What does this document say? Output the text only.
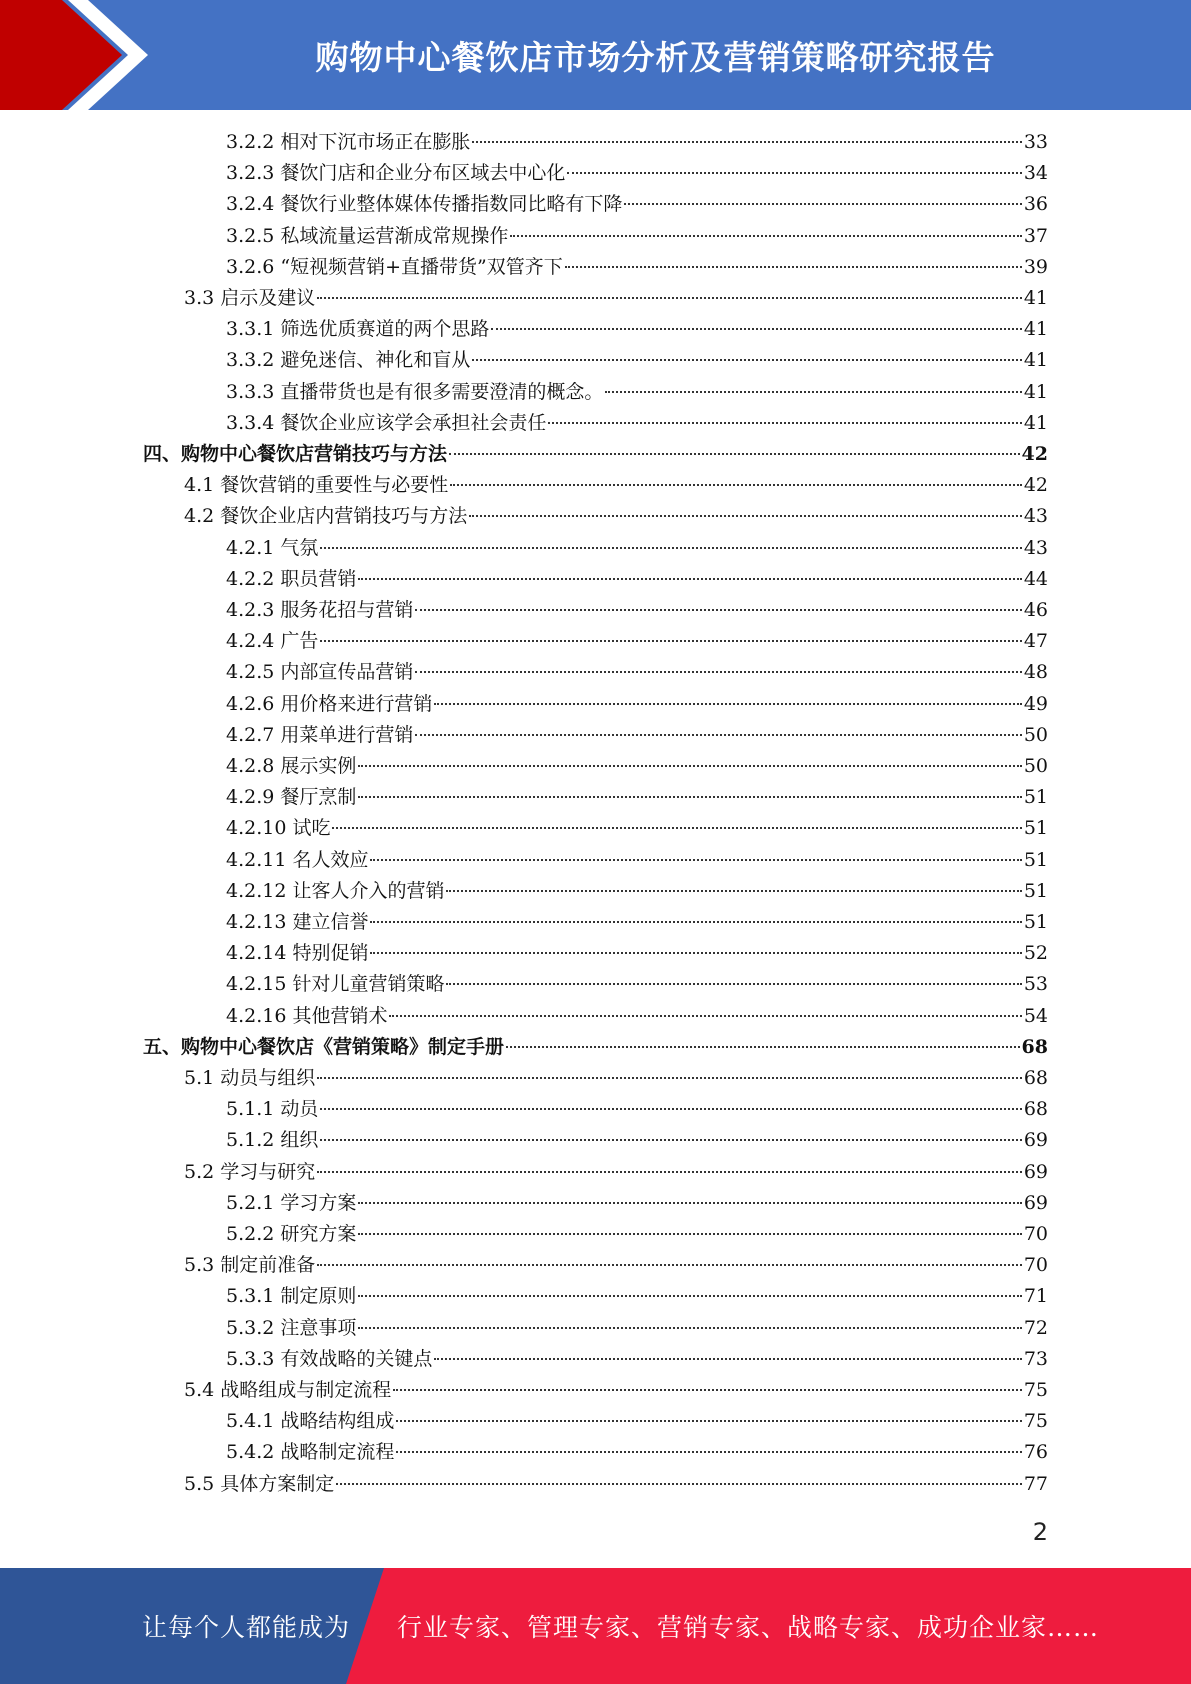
购物中心餐饮店市场分析及营销策略研究报告
3.2.2 相对下沉市场正在膨胀	33
3.2.3 餐饮门店和企业分布区域去中心化	34
3.2.4 餐饮行业整体媒体传播指数同比略有下降	36
3.2.5 私域流量运营渐成常规操作	37
3.2.6 “短视频营销+直播带货”双管齐下	39
3.3 启示及建议	41
3.3.1 筛选优质赛道的两个思路	41
3.3.2 避免迷信、神化和盲从	41
3.3.3 直播带货也是有很多需要澄清的概念。	41
3.3.4 餐饮企业应该学会承担社会责任	41
四、购物中心餐饮店营销技巧与方法	42
4.1 餐饮营销的重要性与必要性	42
4.2 餐饮企业店内营销技巧与方法	43
4.2.1 气氛	43
4.2.2 职员营销	44
4.2.3 服务花招与营销	46
4.2.4 广告	47
4.2.5 内部宣传品营销	48
4.2.6 用价格来进行营销	49
4.2.7 用菜单进行营销	50
4.2.8 展示实例	50
4.2.9 餐厅烹制	51
4.2.10 试吃	51
4.2.11 名人效应	51
4.2.12 让客人介入的营销	51
4.2.13 建立信誉	51
4.2.14 特别促销	52
4.2.15 针对儿童营销策略	53
4.2.16 其他营销术	54
五、购物中心餐饮店《营销策略》制定手册	68
5.1 动员与组织	68
5.1.1 动员	68
5.1.2 组织	69
5.2 学习与研究	69
5.2.1 学习方案	69
5.2.2 研究方案	70
5.3 制定前准备	70
5.3.1 制定原则	71
5.3.2 注意事项	72
5.3.3 有效战略的关键点	73
5.4 战略组成与制定流程	75
5.4.1 战略结构组成	75
5.4.2 战略制定流程	76
5.5 具体方案制定	77
2
让每个人都能成为 行业专家、管理专家、营销专家、战略专家、成功企业家……
